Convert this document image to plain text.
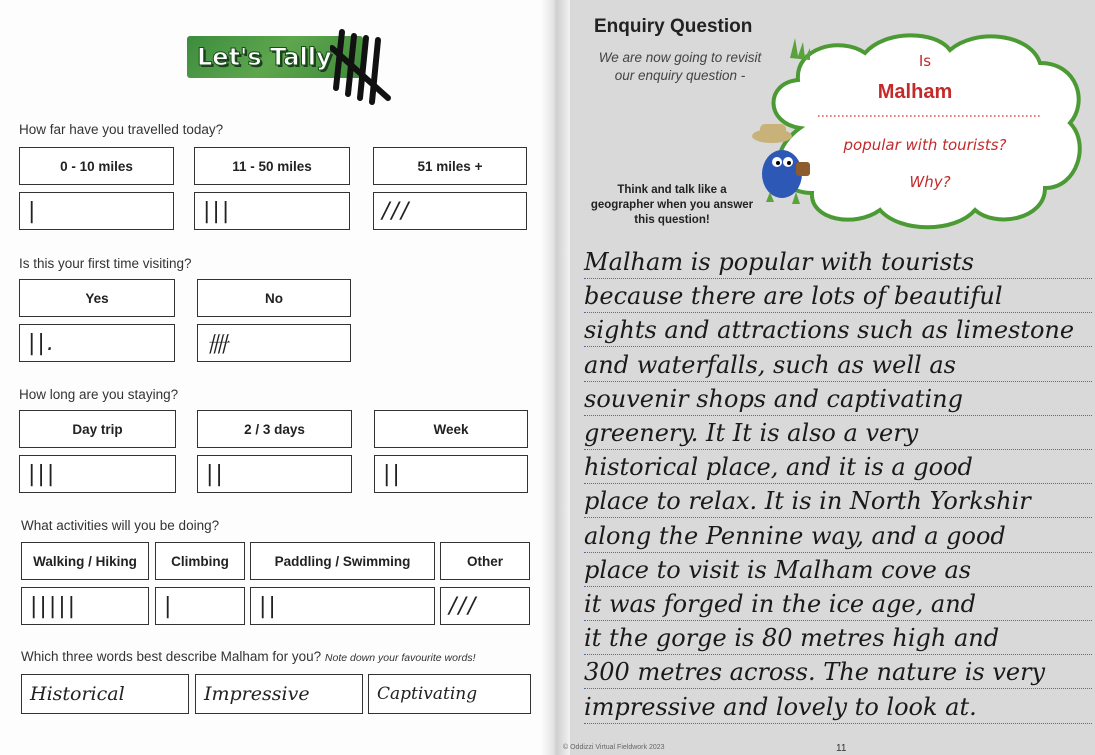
Let's Tally
How far have you travelled today?
0 - 10 miles	11 - 50 miles	51 miles +
|	|||	///
Is this your first time visiting?
Yes	No
||.	卌
How long are you staying?
Day trip	2 / 3 days	Week
|||	||	||
What activities will you be doing?
Walking / Hiking	Climbing	Paddling / Swimming	Other
|||||	|	||	///
Which three words best describe Malham for you? Note down your favourite words!
Historical	Impressive	Captivating
Enquiry Question
We are now going to revisit our enquiry question -
Is
Malham
popular with tourists?
Why?
Think and talk like a geographer when you answer this question!
Malham is popular with tourists
because there are lots of beautiful
sights and attractions such as limestone
and waterfalls, such as well as
souvenir shops and captivating
greenery. It It is also a very
historical place, and it is a good
place to relax. It is in North Yorkshir
along the Pennine way, and a good
place to visit is Malham cove as
it was forged in the ice age, and
it the gorge is 80 metres high and
300 metres across. The nature is very
impressive and lovely to look at.
© Oddizzi Virtual Fieldwork 2023	11
